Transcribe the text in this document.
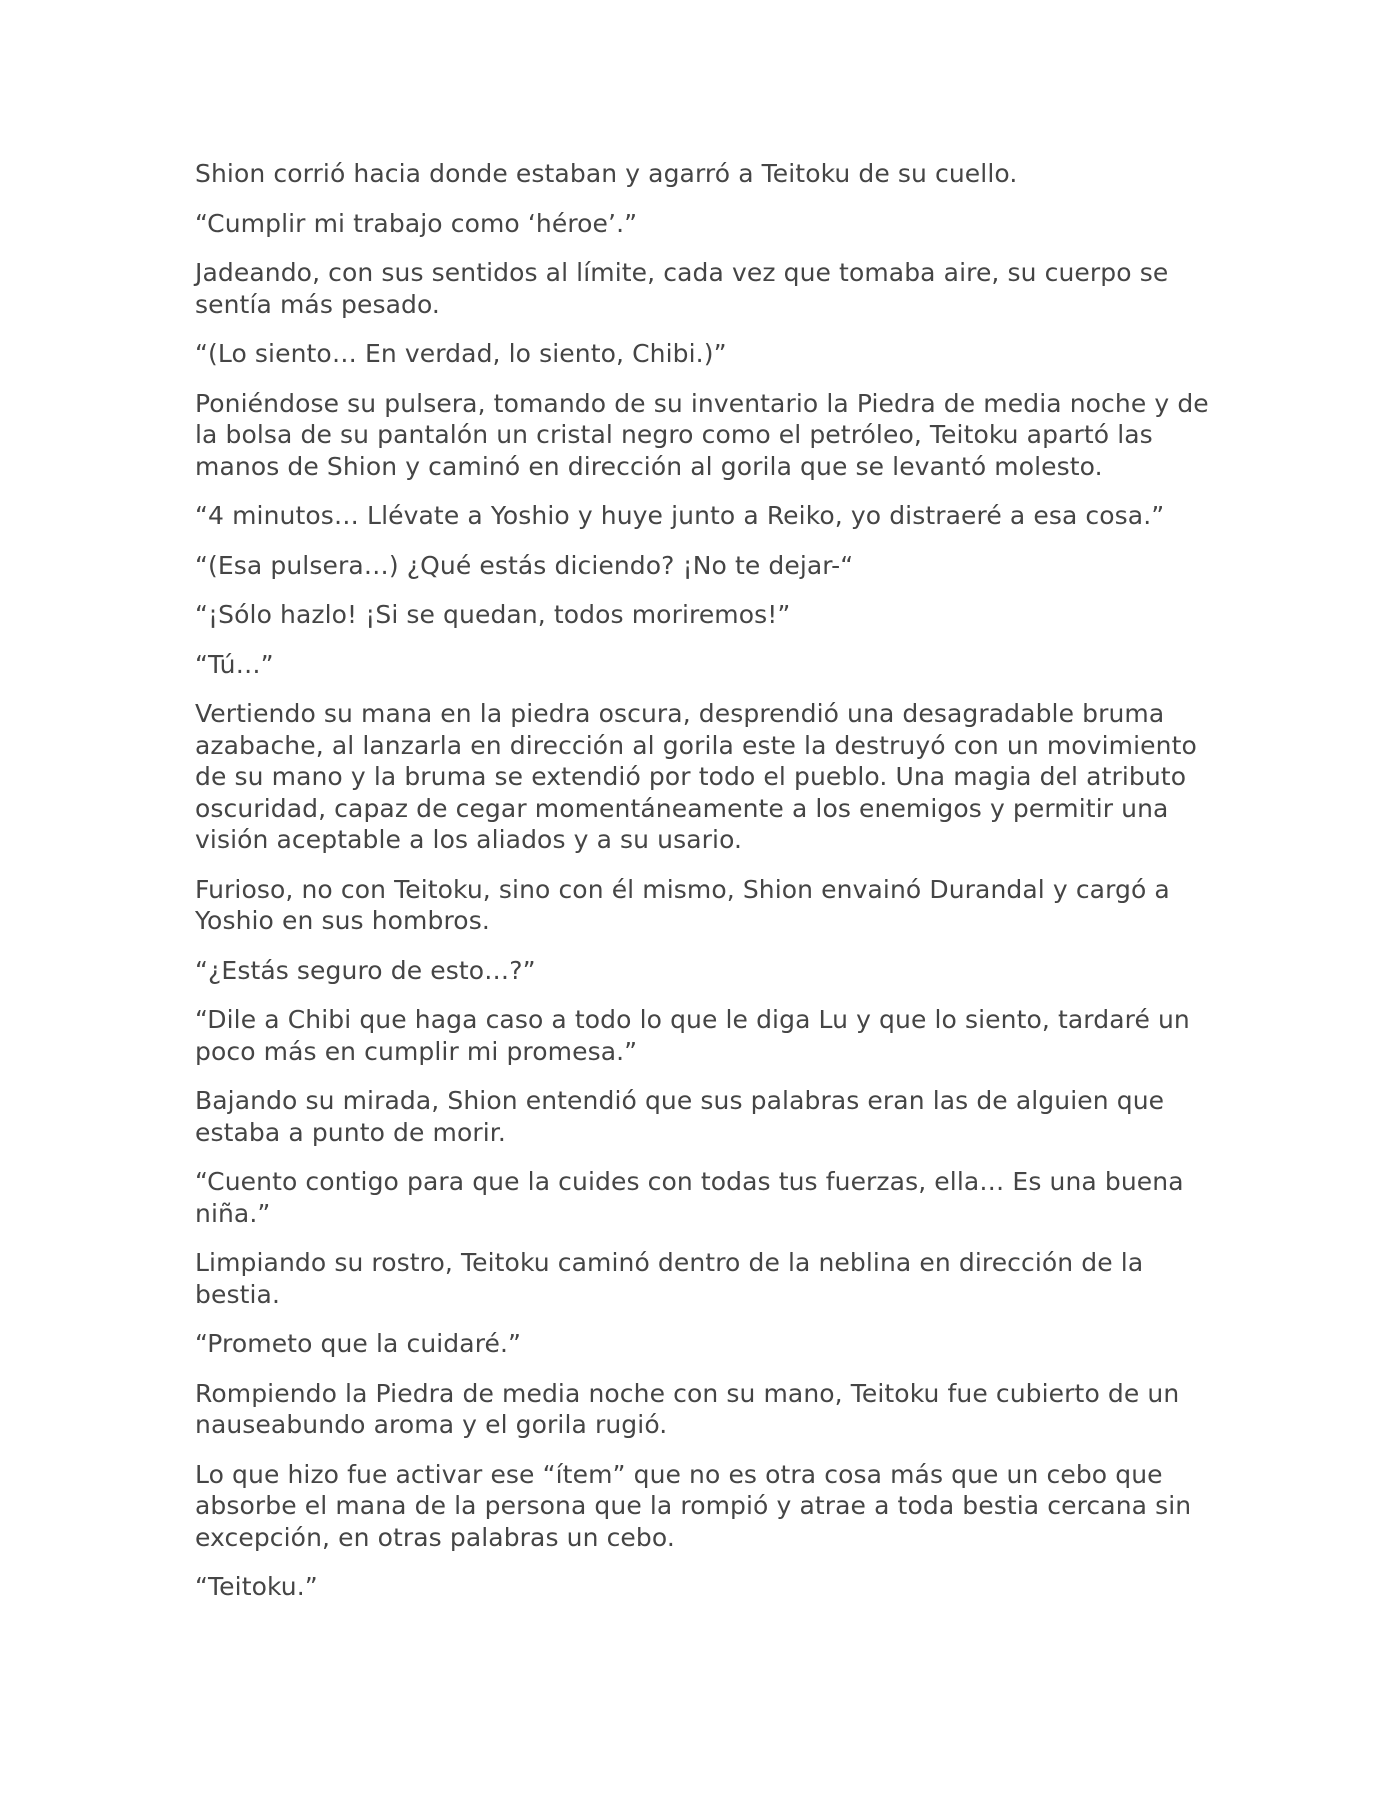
Shion corrió hacia donde estaban y agarró a Teitoku de su cuello.

“Cumplir mi trabajo como ‘héroe’.”

Jadeando, con sus sentidos al límite, cada vez que tomaba aire, su cuerpo se sentía más pesado.

“(Lo siento… En verdad, lo siento, Chibi.)”

Poniéndose su pulsera, tomando de su inventario la Piedra de media noche y de la bolsa de su pantalón un cristal negro como el petróleo, Teitoku apartó las manos de Shion y caminó en dirección al gorila que se levantó molesto.

“4 minutos… Llévate a Yoshio y huye junto a Reiko, yo distraeré a esa cosa.”

“(Esa pulsera…) ¿Qué estás diciendo? ¡No te dejar-“

“¡Sólo hazlo! ¡Si se quedan, todos moriremos!”

“Tú…”

Vertiendo su mana en la piedra oscura, desprendió una desagradable bruma azabache, al lanzarla en dirección al gorila este la destruyó con un movimiento de su mano y la bruma se extendió por todo el pueblo. Una magia del atributo oscuridad, capaz de cegar momentáneamente a los enemigos y permitir una visión aceptable a los aliados y a su usario.

Furioso, no con Teitoku, sino con él mismo, Shion envainó Durandal y cargó a Yoshio en sus hombros.

“¿Estás seguro de esto…?”

“Dile a Chibi que haga caso a todo lo que le diga Lu y que lo siento, tardaré un poco más en cumplir mi promesa.”

Bajando su mirada, Shion entendió que sus palabras eran las de alguien que estaba a punto de morir.

“Cuento contigo para que la cuides con todas tus fuerzas, ella… Es una buena niña.”

Limpiando su rostro, Teitoku caminó dentro de la neblina en dirección de la bestia.

“Prometo que la cuidaré.”

Rompiendo la Piedra de media noche con su mano, Teitoku fue cubierto de un nauseabundo aroma y el gorila rugió.

Lo que hizo fue activar ese “ítem” que no es otra cosa más que un cebo que absorbe el mana de la persona que la rompió y atrae a toda bestia cercana sin excepción, en otras palabras un cebo.

“Teitoku.”
